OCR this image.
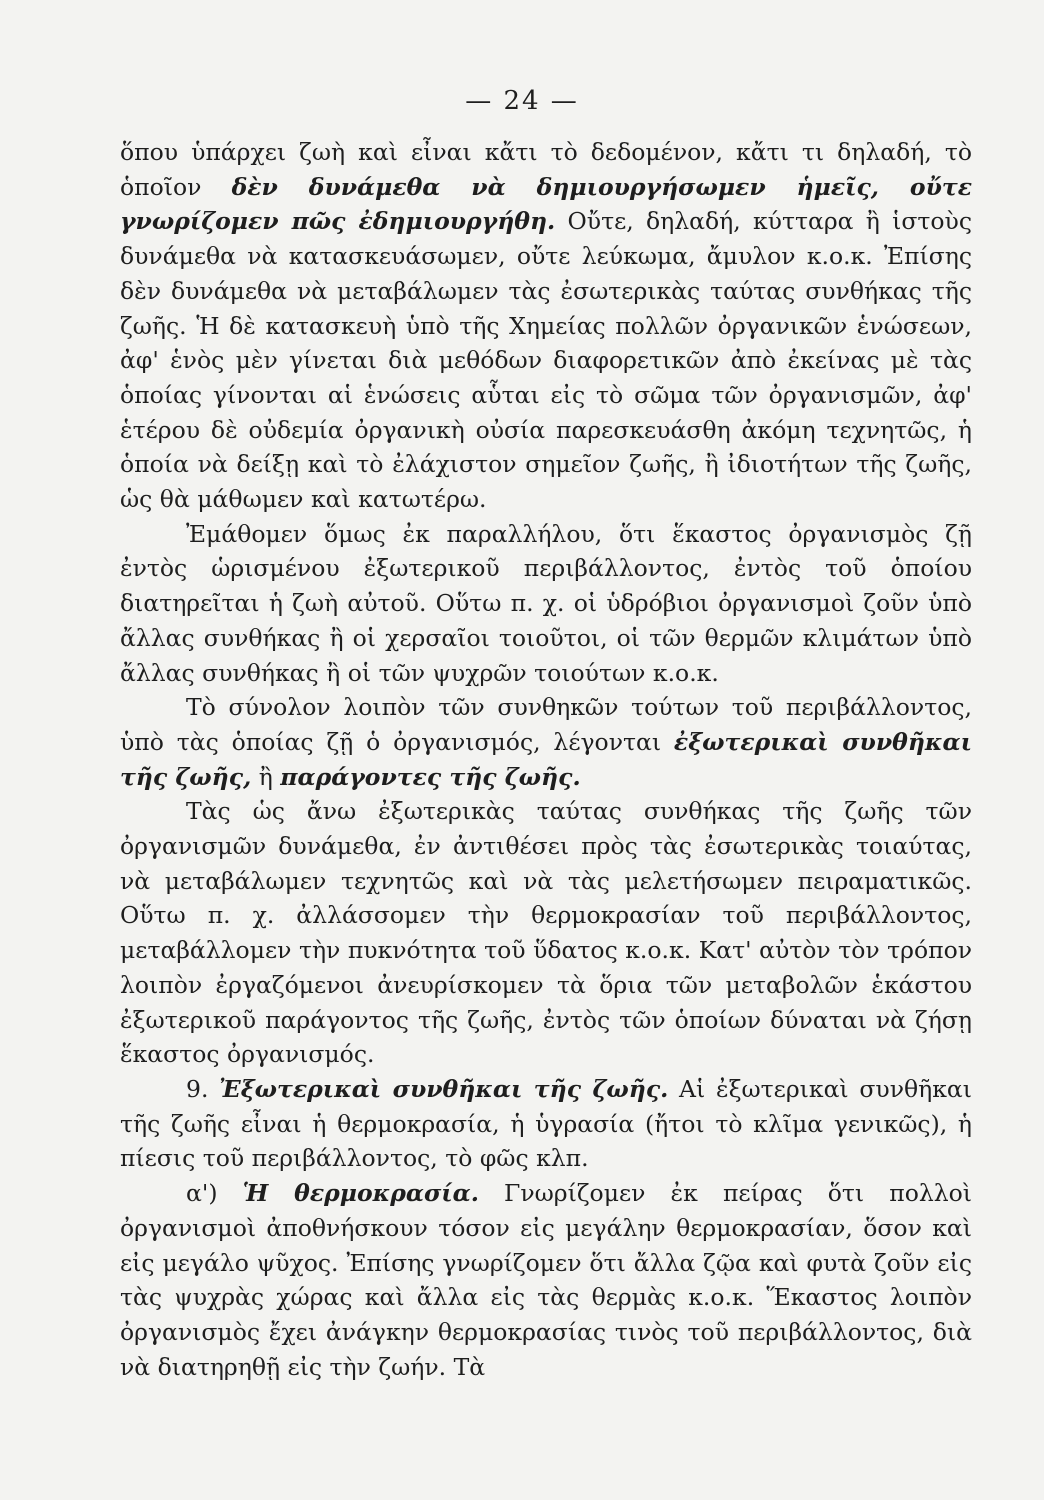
— 24 —

ὅπου ὑπάρχει ζωὴ καὶ εἶναι κἄτι τὸ δεδομένον, κἄτι τι δηλαδή, τὸ ὁποῖον δὲν δυνάμεθα νὰ δημιουργήσωμεν ἡμεῖς, οὔτε γνωρίζομεν πῶς ἐδημιουργήθη. Οὔτε, δηλαδή, κύτταρα ἢ ἱστοὺς δυνάμεθα νὰ κατασκευάσωμεν, οὔτε λεύκωμα, ἄμυλον κ.ο.κ. Ἐπίσης δὲν δυνάμεθα νὰ μεταβάλωμεν τὰς ἐσωτερικὰς ταύτας συνθήκας τῆς ζωῆς. Ἡ δὲ κατασκευὴ ὑπὸ τῆς Χημείας πολλῶν ὀργανικῶν ἑνώσεων, ἀφ' ἑνὸς μὲν γίνεται διὰ μεθόδων διαφορετικῶν ἀπὸ ἐκείνας μὲ τὰς ὁποίας γίνονται αἱ ἑνώσεις αὗται εἰς τὸ σῶμα τῶν ὀργανισμῶν, ἀφ' ἑτέρου δὲ οὐδεμία ὀργανικὴ οὐσία παρεσκευάσθη ἀκόμη τεχνητῶς, ἡ ὁποία νὰ δείξῃ καὶ τὸ ἐλάχιστον σημεῖον ζωῆς, ἢ ἰδιοτήτων τῆς ζωῆς, ὡς θὰ μάθωμεν καὶ κατωτέρω.

Ἐμάθομεν ὅμως ἐκ παραλλήλου, ὅτι ἕκαστος ὀργανισμὸς ζῇ ἐντὸς ὡρισμένου ἐξωτερικοῦ περιβάλλοντος, ἐντὸς τοῦ ὁποίου διατηρεῖται ἡ ζωὴ αὐτοῦ. Οὕτω π. χ. οἱ ὑδρόβιοι ὀργανισμοὶ ζοῦν ὑπὸ ἄλλας συνθήκας ἢ οἱ χερσαῖοι τοιοῦτοι, οἱ τῶν θερμῶν κλιμάτων ὑπὸ ἄλλας συνθήκας ἢ οἱ τῶν ψυχρῶν τοιούτων κ.ο.κ.

Τὸ σύνολον λοιπὸν τῶν συνθηκῶν τούτων τοῦ περιβάλλοντος, ὑπὸ τὰς ὁποίας ζῇ ὁ ὀργανισμός, λέγονται ἐξωτερικαὶ συνθῆκαι τῆς ζωῆς, ἢ παράγοντες τῆς ζωῆς.

Τὰς ὡς ἄνω ἐξωτερικὰς ταύτας συνθήκας τῆς ζωῆς τῶν ὀργανισμῶν δυνάμεθα, ἐν ἀντιθέσει πρὸς τὰς ἐσωτερικὰς τοιαύτας, νὰ μεταβάλωμεν τεχνητῶς καὶ νὰ τὰς μελετήσωμεν πειραματικῶς. Οὕτω π. χ. ἀλλάσσομεν τὴν θερμοκρασίαν τοῦ περιβάλλοντος, μεταβάλλομεν τὴν πυκνότητα τοῦ ὕδατος κ.ο.κ. Κατ' αὐτὸν τὸν τρόπον λοιπὸν ἐργαζόμενοι ἀνευρίσκομεν τὰ ὅρια τῶν μεταβολῶν ἑκάστου ἐξωτερικοῦ παράγοντος τῆς ζωῆς, ἐντὸς τῶν ὁποίων δύναται νὰ ζήσῃ ἕκαστος ὀργανισμός.

9. Ἐξωτερικαὶ συνθῆκαι τῆς ζωῆς. Αἱ ἐξωτερικαὶ συνθῆκαι τῆς ζωῆς εἶναι ἡ θερμοκρασία, ἡ ὑγρασία (ἤτοι τὸ κλῖμα γενικῶς), ἡ πίεσις τοῦ περιβάλλοντος, τὸ φῶς κλπ.

α') Ἡ θερμοκρασία. Γνωρίζομεν ἐκ πείρας ὅτι πολλοὶ ὀργανισμοὶ ἀποθνήσκουν τόσον εἰς μεγάλην θερμοκρασίαν, ὅσον καὶ εἰς μεγάλο ψῦχος. Ἐπίσης γνωρίζομεν ὅτι ἄλλα ζῷα καὶ φυτὰ ζοῦν εἰς τὰς ψυχρὰς χώρας καὶ ἄλλα εἰς τὰς θερμὰς κ.ο.κ. Ἕκαστος λοιπὸν ὀργανισμὸς ἔχει ἀνάγκην θερμοκρασίας τινὸς τοῦ περιβάλλοντος, διὰ νὰ διατηρηθῇ εἰς τὴν ζωήν. Τὰ
